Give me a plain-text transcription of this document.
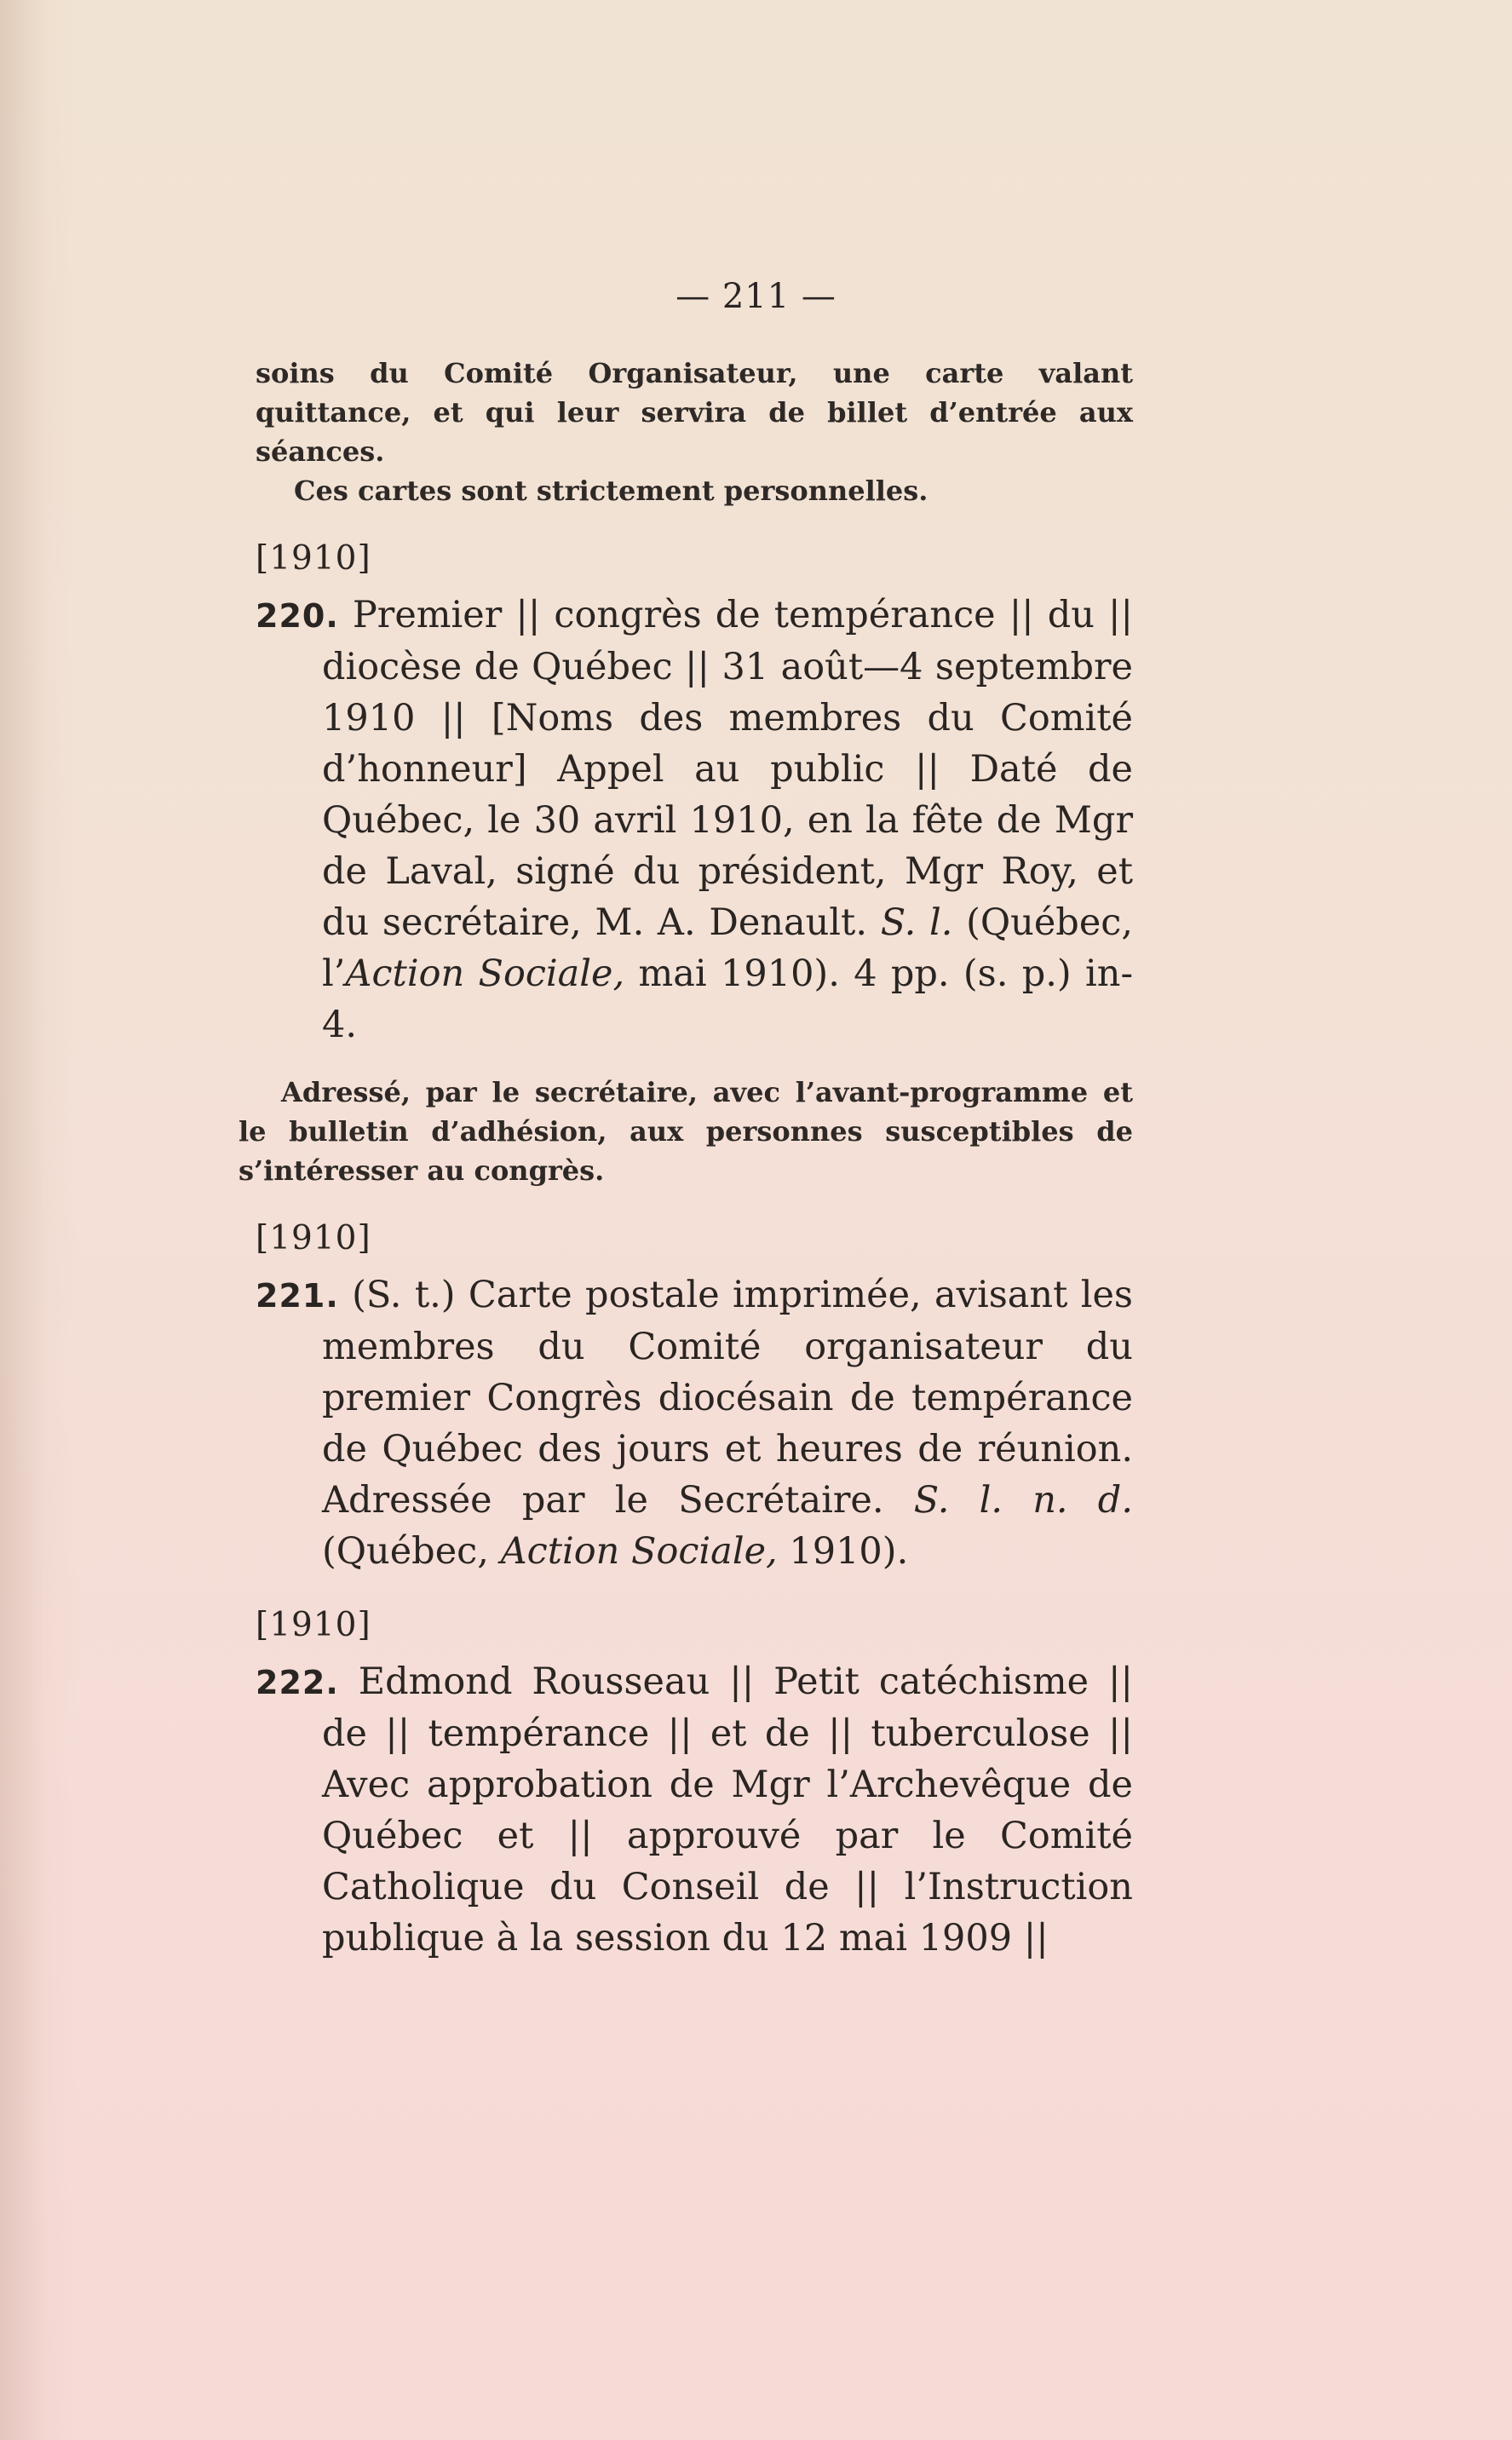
— 211 —

soins du Comité Organisateur, une carte valant quittance, et qui leur servira de billet d’entrée aux séances.

Ces cartes sont strictement personnelles.

[1910]
220. Premier || congrès de tempérance || du || diocèse de Québec || 31 août—4 septembre 1910 || [Noms des membres du Comité d’honneur] Appel au public || Daté de Québec, le 30 avril 1910, en la fête de Mgr de Laval, signé du président, Mgr Roy, et du secrétaire, M. A. Denault. S. l. (Québec, l’Action Sociale, mai 1910). 4 pp. (s. p.) in-4.

Adressé, par le secrétaire, avec l’avant-programme et le bulletin d’adhésion, aux personnes susceptibles de s’intéresser au congrès.

[1910]
221. (S. t.) Carte postale imprimée, avisant les membres du Comité organisateur du premier Congrès diocésain de tempérance de Québec des jours et heures de réunion. Adressée par le Secrétaire. S. l. n. d. (Québec, Action Sociale, 1910).
[1910]
222. Edmond Rousseau || Petit catéchisme || de || tempérance || et de || tuberculose || Avec approbation de Mgr l’Archevêque de Québec et || approuvé par le Comité Catholique du Conseil de || l’Instruction publique à la session du 12 mai 1909 ||
